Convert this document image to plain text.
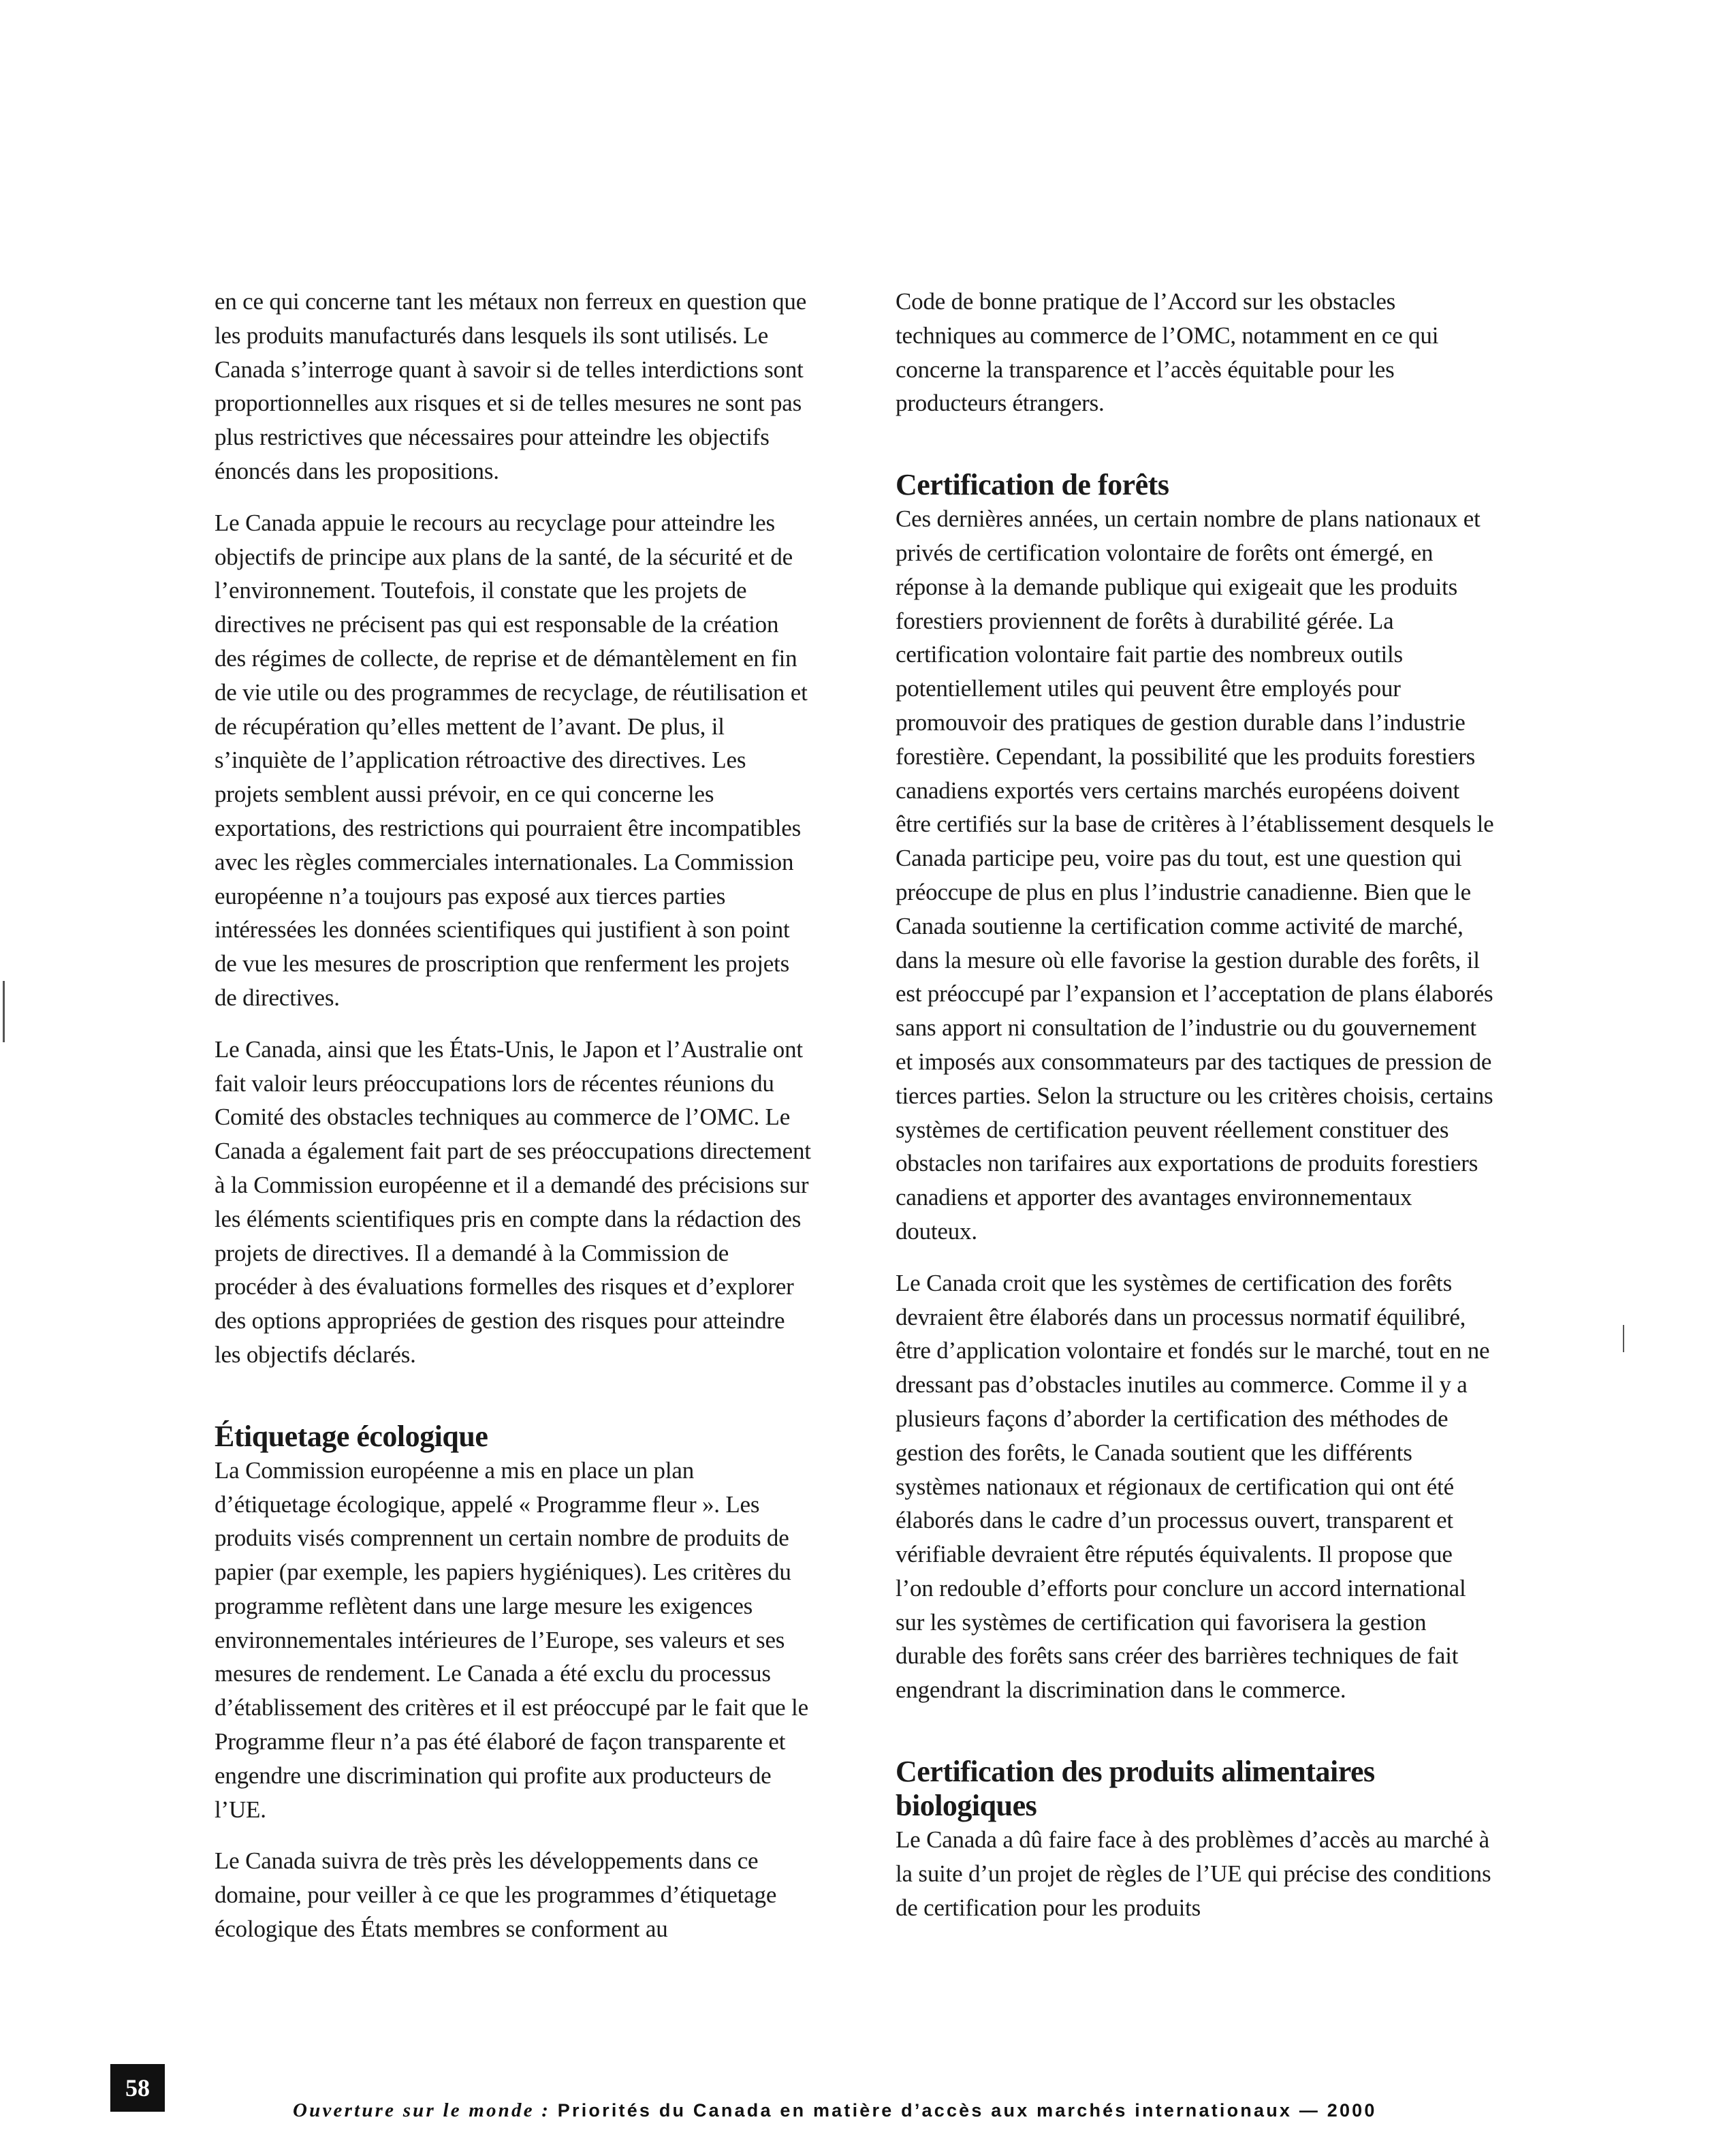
en ce qui concerne tant les métaux non ferreux en question que les produits manufacturés dans lesquels ils sont utilisés. Le Canada s’interroge quant à savoir si de telles interdictions sont proportionnelles aux risques et si de telles mesures ne sont pas plus restrictives que nécessaires pour atteindre les objectifs énoncés dans les propositions.

Le Canada appuie le recours au recyclage pour atteindre les objectifs de principe aux plans de la santé, de la sécurité et de l’environnement. Toutefois, il constate que les projets de directives ne précisent pas qui est responsable de la création des régimes de collecte, de reprise et de démantèlement en fin de vie utile ou des programmes de recyclage, de réutilisation et de récupération qu’elles mettent de l’avant. De plus, il s’inquiète de l’application rétroactive des directives. Les projets semblent aussi prévoir, en ce qui concerne les exportations, des restrictions qui pourraient être incompatibles avec les règles commerciales internationales. La Commission européenne n’a toujours pas exposé aux tierces parties intéressées les données scientifiques qui justifient à son point de vue les mesures de proscription que renferment les projets de directives.

Le Canada, ainsi que les États-Unis, le Japon et l’Australie ont fait valoir leurs préoccupations lors de récentes réunions du Comité des obstacles techniques au commerce de l’OMC. Le Canada a également fait part de ses préoccupations directement à la Commission européenne et il a demandé des précisions sur les éléments scientifiques pris en compte dans la rédaction des projets de directives. Il a demandé à la Commission de procéder à des évaluations formelles des risques et d’explorer des options appropriées de gestion des risques pour atteindre les objectifs déclarés.

Étiquetage écologique

La Commission européenne a mis en place un plan d’étiquetage écologique, appelé « Programme fleur ». Les produits visés comprennent un certain nombre de produits de papier (par exemple, les papiers hygiéniques). Les critères du programme reflètent dans une large mesure les exigences environnementales intérieures de l’Europe, ses valeurs et ses mesures de rendement. Le Canada a été exclu du processus d’établissement des critères et il est préoccupé par le fait que le Programme fleur n’a pas été élaboré de façon transparente et engendre une discrimination qui profite aux producteurs de l’UE.

Le Canada suivra de très près les développements dans ce domaine, pour veiller à ce que les programmes d’étiquetage écologique des États membres se conforment au

Code de bonne pratique de l’Accord sur les obstacles techniques au commerce de l’OMC, notamment en ce qui concerne la transparence et l’accès équitable pour les producteurs étrangers.

Certification de forêts

Ces dernières années, un certain nombre de plans nationaux et privés de certification volontaire de forêts ont émergé, en réponse à la demande publique qui exigeait que les produits forestiers proviennent de forêts à durabilité gérée. La certification volontaire fait partie des nombreux outils potentiellement utiles qui peuvent être employés pour promouvoir des pratiques de gestion durable dans l’industrie forestière. Cependant, la possibilité que les produits forestiers canadiens exportés vers certains marchés européens doivent être certifiés sur la base de critères à l’établissement desquels le Canada participe peu, voire pas du tout, est une question qui préoccupe de plus en plus l’industrie canadienne. Bien que le Canada soutienne la certification comme activité de marché, dans la mesure où elle favorise la gestion durable des forêts, il est préoccupé par l’expansion et l’acceptation de plans élaborés sans apport ni consultation de l’industrie ou du gouvernement et imposés aux consommateurs par des tactiques de pression de tierces parties. Selon la structure ou les critères choisis, certains systèmes de certification peuvent réellement constituer des obstacles non tarifaires aux exportations de produits forestiers canadiens et apporter des avantages environnementaux douteux.

Le Canada croit que les systèmes de certification des forêts devraient être élaborés dans un processus normatif équilibré, être d’application volontaire et fondés sur le marché, tout en ne dressant pas d’obstacles inutiles au commerce. Comme il y a plusieurs façons d’aborder la certification des méthodes de gestion des forêts, le Canada soutient que les différents systèmes nationaux et régionaux de certification qui ont été élaborés dans le cadre d’un processus ouvert, transparent et vérifiable devraient être réputés équivalents. Il propose que l’on redouble d’efforts pour conclure un accord international sur les systèmes de certification qui favorisera la gestion durable des forêts sans créer des barrières techniques de fait engendrant la discrimination dans le commerce.

Certification des produits alimentaires biologiques

Le Canada a dû faire face à des problèmes d’accès au marché à la suite d’un projet de règles de l’UE qui précise des conditions de certification pour les produits

58
Ouverture sur le monde : Priorités du Canada en matière d’accès aux marchés internationaux — 2000
